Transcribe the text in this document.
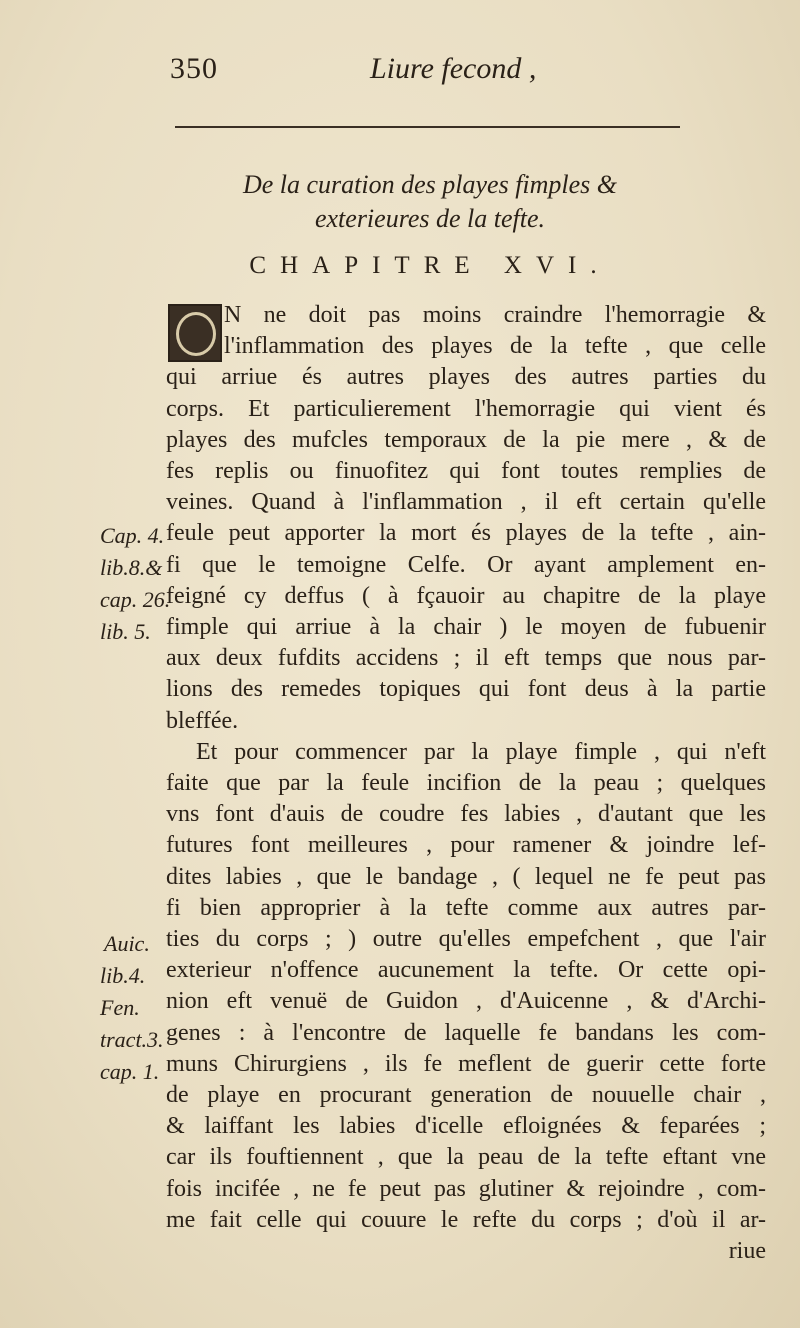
350	Liure fecond ,
De la curation des playes fimples &
exterieures de la tefte.
CHAPITRE XVI.
Cap. 4.
lib.8.&
cap. 26.
lib. 5.
Auic.
lib.4.
Fen.
tract.3.
cap. 1.
N ne doit pas moins craindre l'hemorragie &
l'inflammation des playes de la tefte , que celle
qui arriue és autres playes des autres parties du
corps. Et particulierement l'hemorragie qui vient és
playes des mufcles temporaux de la pie mere , & de
fes replis ou finuofitez qui font toutes remplies de
veines. Quand à l'inflammation , il eft certain qu'elle
feule peut apporter la mort és playes de la tefte , ain-
fi que le temoigne Celfe. Or ayant amplement en-
feigné cy deffus ( à fçauoir au chapitre de la playe
fimple qui arriue à la chair ) le moyen de fubuenir
aux deux fufdits accidens ; il eft temps que nous par-
lions des remedes topiques qui font deus à la partie
bleffée.
Et pour commencer par la playe fimple , qui n'eft
faite que par la feule incifion de la peau ; quelques
vns font d'auis de coudre fes labies , d'autant que les
futures font meilleures , pour ramener & joindre lef-
dites labies , que le bandage , ( lequel ne fe peut pas
fi bien approprier à la tefte comme aux autres par-
ties du corps ; ) outre qu'elles empefchent , que l'air
exterieur n'offence aucunement la tefte. Or cette opi-
nion eft venuë de Guidon , d'Auicenne , & d'Archi-
genes : à l'encontre de laquelle fe bandans les com-
muns Chirurgiens , ils fe meflent de guerir cette forte
de playe en procurant generation de nouuelle chair ,
& laiffant les labies d'icelle efloignées & feparées ;
car ils fouftiennent , que la peau de la tefte eftant vne
fois incifée , ne fe peut pas glutiner & rejoindre , com-
me fait celle qui couure le refte du corps ; d'où il ar-
riue
